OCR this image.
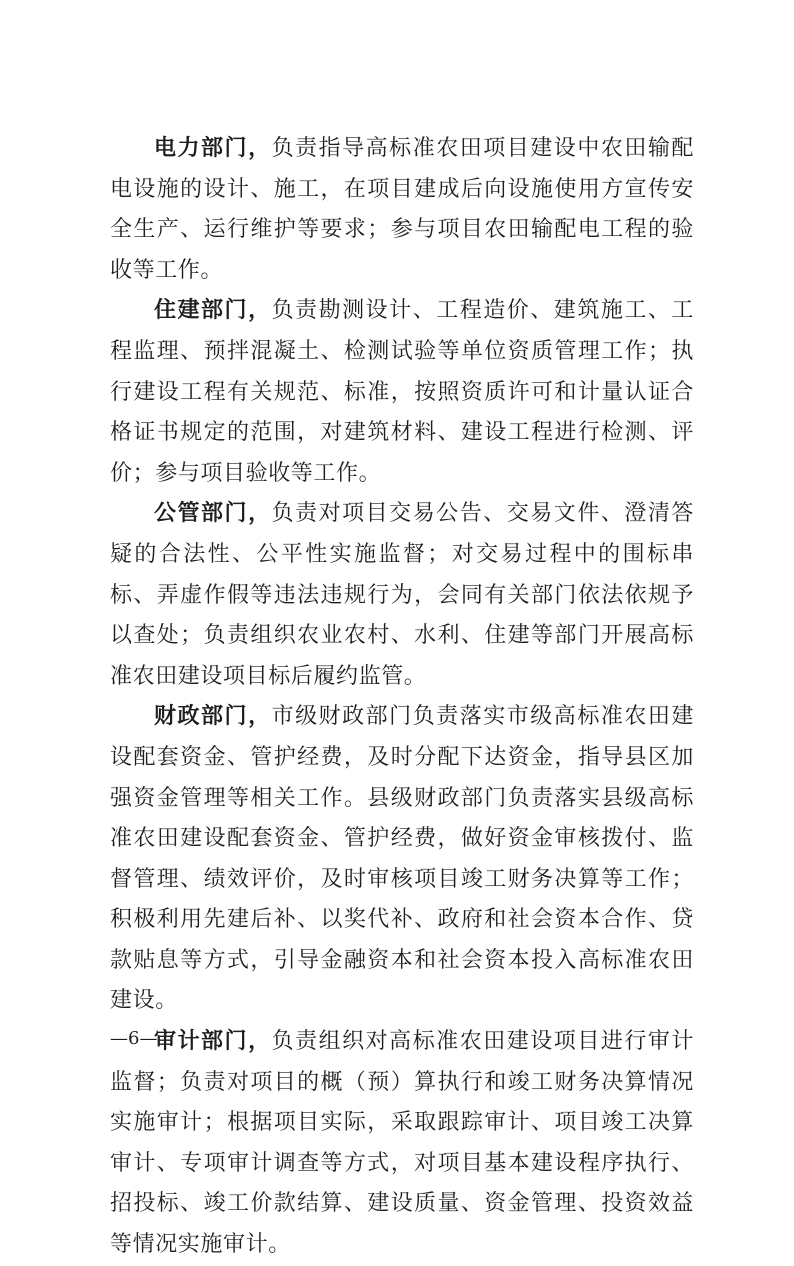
电力部门，负责指导高标准农田项目建设中农田输配电设施的设计、施工，在项目建成后向设施使用方宣传安全生产、运行维护等要求；参与项目农田输配电工程的验收等工作。

住建部门，负责勘测设计、工程造价、建筑施工、工程监理、预拌混凝土、检测试验等单位资质管理工作；执行建设工程有关规范、标准，按照资质许可和计量认证合格证书规定的范围，对建筑材料、建设工程进行检测、评价；参与项目验收等工作。

公管部门，负责对项目交易公告、交易文件、澄清答疑的合法性、公平性实施监督；对交易过程中的围标串标、弄虚作假等违法违规行为，会同有关部门依法依规予以查处；负责组织农业农村、水利、住建等部门开展高标准农田建设项目标后履约监管。

财政部门，市级财政部门负责落实市级高标准农田建设配套资金、管护经费，及时分配下达资金，指导县区加强资金管理等相关工作。县级财政部门负责落实县级高标准农田建设配套资金、管护经费，做好资金审核拨付、监督管理、绩效评价，及时审核项目竣工财务决算等工作；积极利用先建后补、以奖代补、政府和社会资本合作、贷款贴息等方式，引导金融资本和社会资本投入高标准农田建设。

审计部门，负责组织对高标准农田建设项目进行审计监督；负责对项目的概（预）算执行和竣工财务决算情况实施审计；根据项目实际，采取跟踪审计、项目竣工决算审计、专项审计调查等方式，对项目基本建设程序执行、招投标、竣工价款结算、建设质量、资金管理、投资效益等情况实施审计。

—6—
